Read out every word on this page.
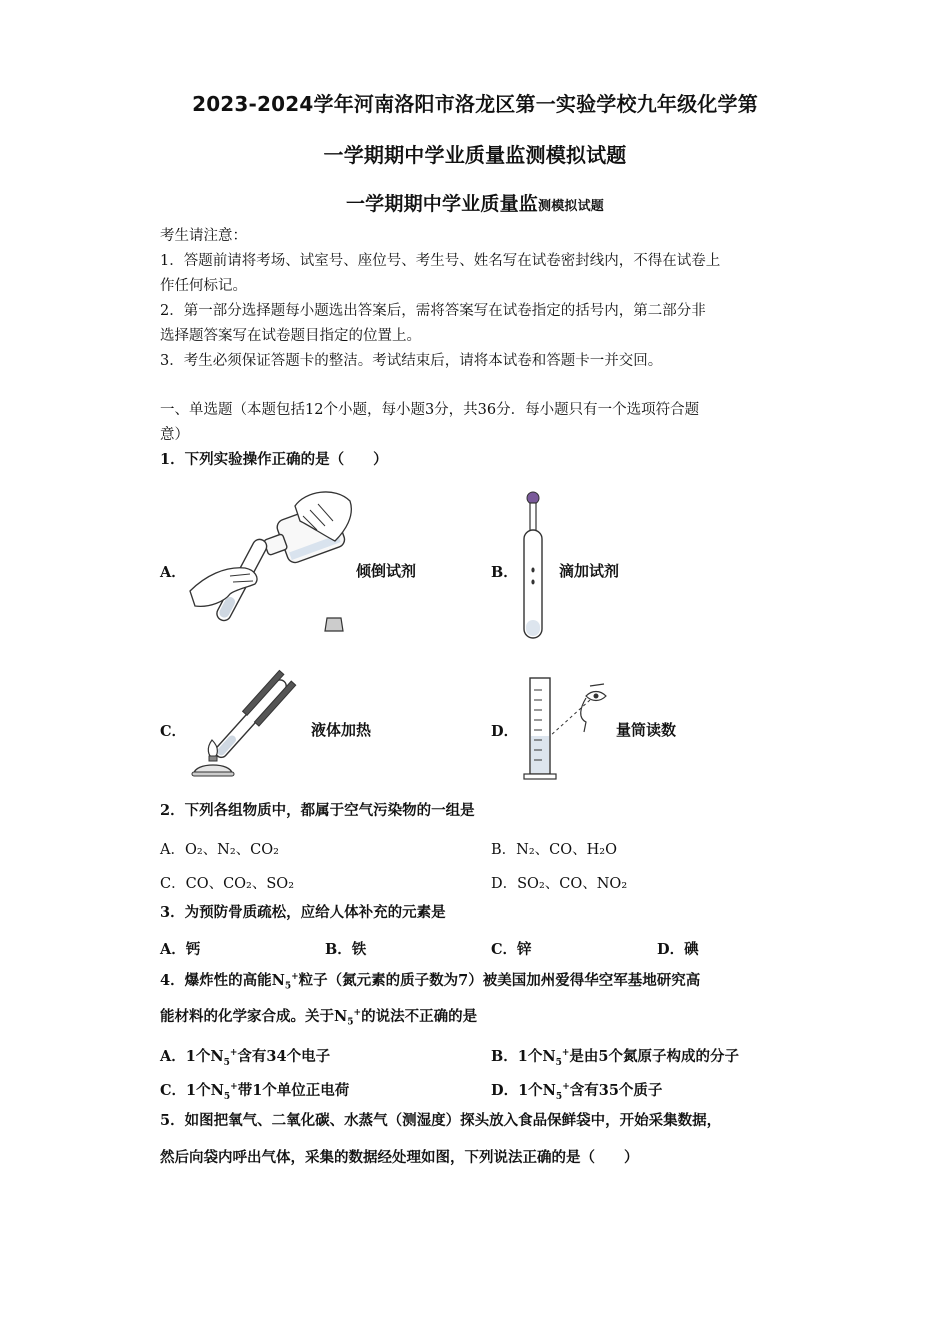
2023-2024学年河南洛阳市洛龙区第一实验学校九年级化学第
一学期期中学业质量监测模拟试题
一学期期中学业质量监测模拟试题
考生请注意：
1．答题前请将考场、试室号、座位号、考生号、姓名写在试卷密封线内，不得在试卷上
作任何标记。
2．第一部分选择题每小题选出答案后，需将答案写在试卷指定的括号内，第二部分非
选择题答案写在试卷题目指定的位置上。
3．考生必须保证答题卡的整洁。考试结束后，请将本试卷和答题卡一并交回。
一、单选题（本题包括12个小题，每小题3分，共36分．每小题只有一个选项符合题
意）
1．下列实验操作正确的是（　　）
A．	倾倒试剂	B．	滴加试剂
C．	液体加热	D．	量筒读数
2．下列各组物质中，都属于空气污染物的一组是
A．O₂、N₂、CO₂	B．N₂、CO、H₂O
C．CO、CO₂、SO₂	D．SO₂、CO、NO₂
3．为预防骨质疏松，应给人体补充的元素是
A．钙	B．铁	C．锌	D．碘
4．爆炸性的高能$N_5^+$粒子（氮元素的质子数为7）被美国加州爱得华空军基地研究高
能材料的化学家合成。关于$N_5^+$的说法不正确的是
A．1个$N_5^+$含有34个电子	B．1个$N_5^+$是由5个氮原子构成的分子
C．1个$N_5^+$带1个单位正电荷	D．1个$N_5^+$含有35个质子
5．如图把氧气、二氧化碳、水蒸气（测湿度）探头放入食品保鲜袋中，开始采集数据，
然后向袋内呼出气体，采集的数据经处理如图，下列说法正确的是（　　）
